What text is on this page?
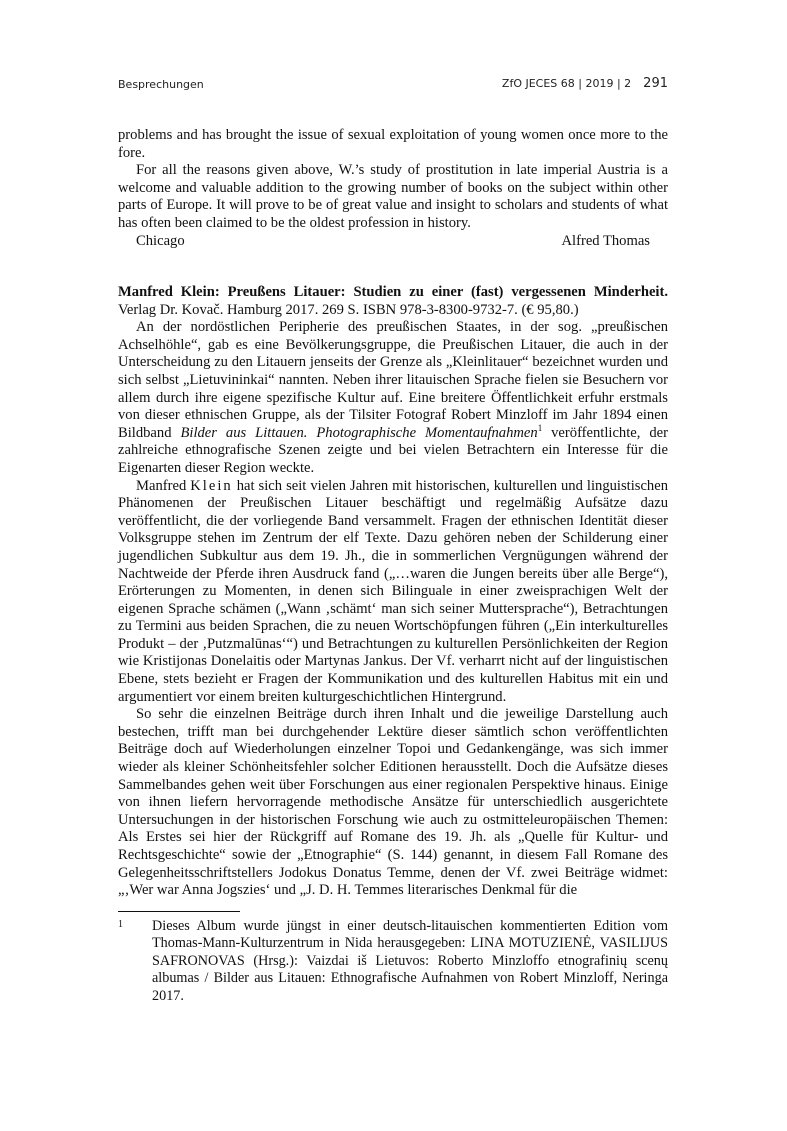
Besprechungen	ZfO JECES 68 | 2019 | 2 291

problems and has brought the issue of sexual exploitation of young women once more to the fore.

For all the reasons given above, W.’s study of prostitution in late imperial Austria is a welcome and valuable addition to the growing number of books on the subject within other parts of Europe. It will prove to be of great value and insight to scholars and students of what has often been claimed to be the oldest profession in history.

Chicago	Alfred Thomas

Manfred Klein: Preußens Litauer: Studien zu einer (fast) vergessenen Minderheit. Verlag Dr. Kovač. Hamburg 2017. 269 S. ISBN 978-3-8300-9732-7. (€ 95,80.)

An der nordöstlichen Peripherie des preußischen Staates, in der sog. „preußischen Achselhöhle“, gab es eine Bevölkerungsgruppe, die Preußischen Litauer, die auch in der Unterscheidung zu den Litauern jenseits der Grenze als „Kleinlitauer“ bezeichnet wurden und sich selbst „Lietuvininkai“ nannten. Neben ihrer litauischen Sprache fielen sie Besuchern vor allem durch ihre eigene spezifische Kultur auf. Eine breitere Öffentlichkeit erfuhr erstmals von dieser ethnischen Gruppe, als der Tilsiter Fotograf Robert Minzloff im Jahr 1894 einen Bildband Bilder aus Littauen. Photographische Momentaufnahmen$^1$ veröffentlichte, der zahlreiche ethnografische Szenen zeigte und bei vielen Betrachtern ein Interesse für die Eigenarten dieser Region weckte.

Manfred Klein hat sich seit vielen Jahren mit historischen, kulturellen und linguistischen Phänomenen der Preußischen Litauer beschäftigt und regelmäßig Aufsätze dazu veröffentlicht, die der vorliegende Band versammelt. Fragen der ethnischen Identität dieser Volksgruppe stehen im Zentrum der elf Texte. Dazu gehören neben der Schilderung einer jugendlichen Subkultur aus dem 19. Jh., die in sommerlichen Vergnügungen während der Nachtweide der Pferde ihren Ausdruck fand („…waren die Jungen bereits über alle Berge“), Erörterungen zu Momenten, in denen sich Bilinguale in einer zweisprachigen Welt der eigenen Sprache schämen („Wann ‚schämt‘ man sich seiner Muttersprache“), Betrachtungen zu Termini aus beiden Sprachen, die zu neuen Wortschöpfungen führen („Ein interkulturelles Produkt – der ‚Putzmalūnas‘“) und Betrachtungen zu kulturellen Persönlichkeiten der Region wie Kristijonas Donelaitis oder Martynas Jankus. Der Vf. verharrt nicht auf der linguistischen Ebene, stets bezieht er Fragen der Kommunikation und des kulturellen Habitus mit ein und argumentiert vor einem breiten kulturgeschichtlichen Hintergrund.

So sehr die einzelnen Beiträge durch ihren Inhalt und die jeweilige Darstellung auch bestechen, trifft man bei durchgehender Lektüre dieser sämtlich schon veröffentlichten Beiträge doch auf Wiederholungen einzelner Topoi und Gedankengänge, was sich immer wieder als kleiner Schönheitsfehler solcher Editionen herausstellt. Doch die Aufsätze dieses Sammelbandes gehen weit über Forschungen aus einer regionalen Perspektive hinaus. Einige von ihnen liefern hervorragende methodische Ansätze für unterschiedlich ausgerichtete Untersuchungen in der historischen Forschung wie auch zu ostmitteleuropäischen Themen: Als Erstes sei hier der Rückgriff auf Romane des 19. Jh. als „Quelle für Kultur- und Rechtsgeschichte“ sowie der „Etnographie“ (S. 144) genannt, in diesem Fall Romane des Gelegenheitsschriftstellers Jodokus Donatus Temme, denen der Vf. zwei Beiträge widmet: „‚Wer war Anna Jogszies‘ und „J. D. H. Temmes literarisches Denkmal für die

1	Dieses Album wurde jüngst in einer deutsch-litauischen kommentierten Edition vom Thomas-Mann-Kulturzentrum in Nida herausgegeben: LINA MOTUZIENĖ, VASILIJUS SAFRONOVAS (Hrsg.): Vaizdai iš Lietuvos: Roberto Minzloffo etnografinių scenų albumas / Bilder aus Litauen: Ethnografische Aufnahmen von Robert Minzloff, Neringa 2017.
